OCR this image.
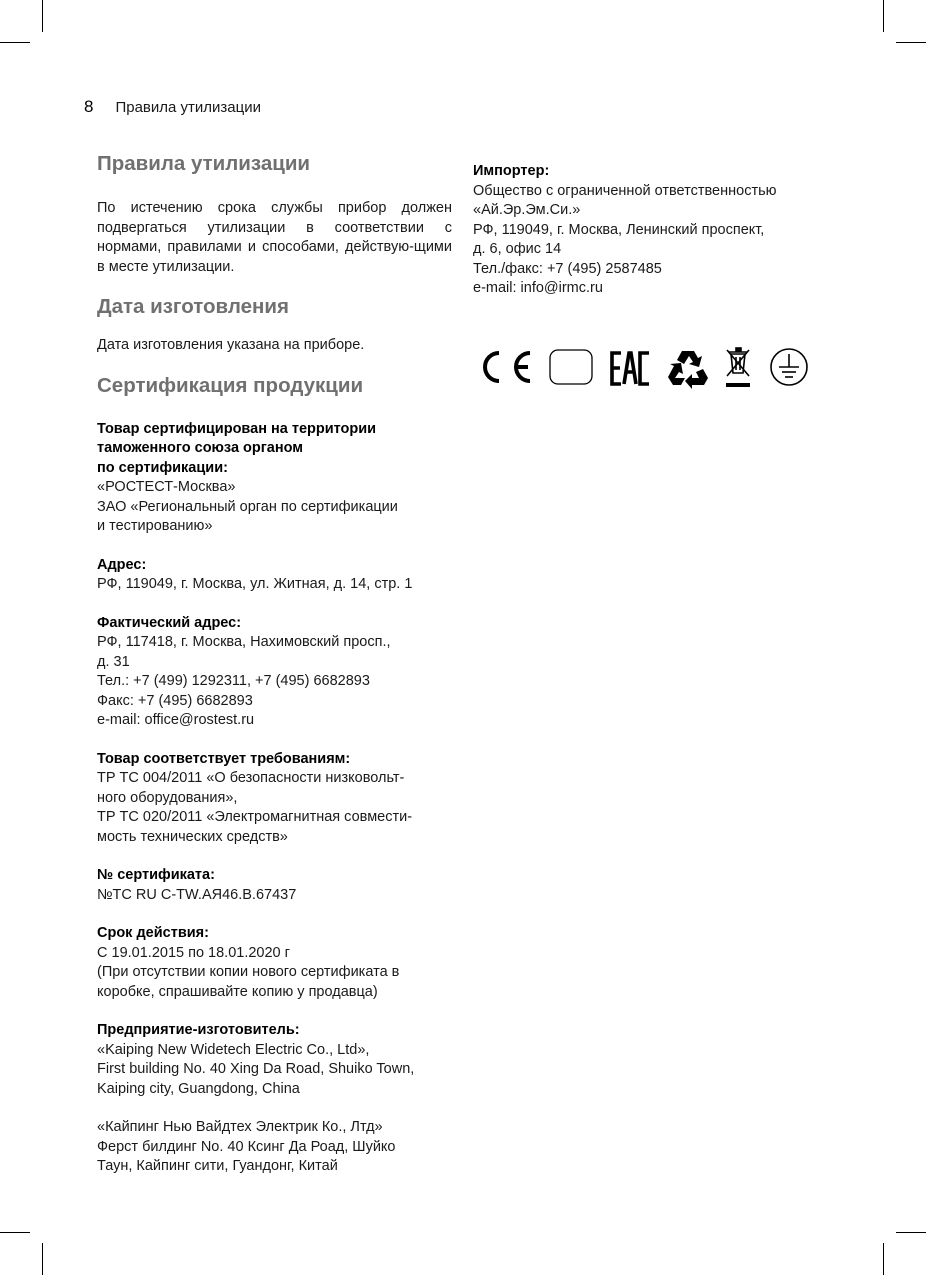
8 Правила утилизации
Правила утилизации

По истечению срока службы прибор должен подвергаться утилизации в соответствии с нормами, правилами и способами, действую-щими в месте утилизации.

Дата изготовления

Дата изготовления указана на приборе.

Сертификация продукции
Товар сертифицирован на территории
таможенного союза органом
по сертификации:
«РОСТЕСТ-Москва»
ЗАО «Региональный орган по сертификации
и тестированию»
Адрес:
РФ, 119049, г. Москва, ул. Житная, д. 14, стр. 1
Фактический адрес:
РФ, 117418, г. Москва, Нахимовский просп.,
д. 31
Тел.: +7 (499) 1292311, +7 (495) 6682893
Факс: +7 (495) 6682893
e-mail: office@rostest.ru
Товар соответствует требованиям:
ТР ТС 004/2011 «О безопасности низковольт-
ного оборудования»,
ТР ТС 020/2011 «Электромагнитная совмести-
мость технических средств»
№ сертификата:
№ТС RU С-TW.АЯ46.В.67437
Срок действия:
С 19.01.2015 по 18.01.2020 г
(При отсутствии копии нового сертификата в
коробке, спрашивайте копию у продавца)
Предприятие-изготовитель:
«Kaiping New Widetech Electric Co., Ltd»,
First building No. 40 Xing Da Road, Shuiko Town,
Kaiping city, Guangdong, China
«Кайпинг Нью Вайдтех Электрик Ко., Лтд»
Ферст билдинг No. 40 Ксинг Да Роад, Шуйко
Таун, Кайпинг сити, Гуандонг, Китай
Импортер:
Общество с ограниченной ответственностью
«Ай.Эр.Эм.Си.»
РФ, 119049, г. Москва, Ленинский проспект,
д. 6, офис 14
Тел./факс: +7 (495) 2587485
e-mail: info@irmc.ru
